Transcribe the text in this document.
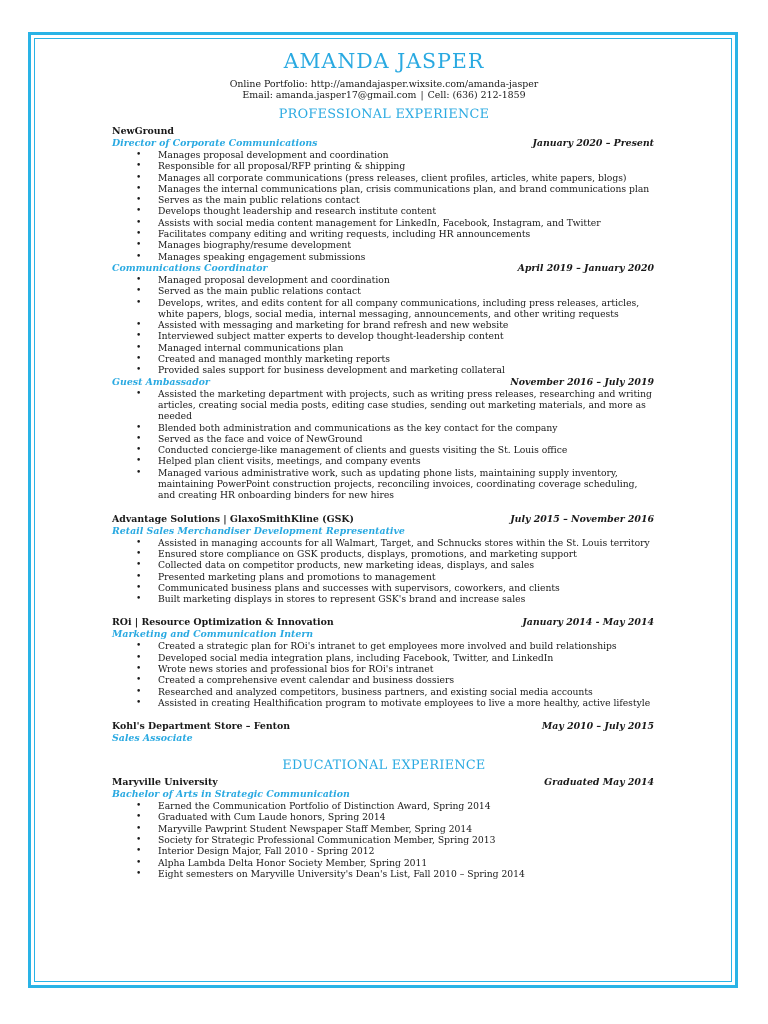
AMANDA JASPER
Online Portfolio: http://amandajasper.wixsite.com/amanda-jasper
Email: amanda.jasper17@gmail.com | Cell: (636) 212-1859
PROFESSIONAL EXPERIENCE
NewGround
Director of Corporate Communications	January 2020 – Present
• Manages proposal development and coordination
• Responsible for all proposal/RFP printing & shipping
• Manages all corporate communications (press releases, client profiles, articles, white papers, blogs)
• Manages the internal communications plan, crisis communications plan, and brand communications plan
• Serves as the main public relations contact
• Develops thought leadership and research institute content
• Assists with social media content management for LinkedIn, Facebook, Instagram, and Twitter
• Facilitates company editing and writing requests, including HR announcements
• Manages biography/resume development
• Manages speaking engagement submissions
Communications Coordinator	April 2019 – January 2020
• Managed proposal development and coordination
• Served as the main public relations contact
• Develops, writes, and edits content for all company communications, including press releases, articles, white papers, blogs, social media, internal messaging, announcements, and other writing requests
• Assisted with messaging and marketing for brand refresh and new website
• Interviewed subject matter experts to develop thought-leadership content
• Managed internal communications plan
• Created and managed monthly marketing reports
• Provided sales support for business development and marketing collateral
Guest Ambassador	November 2016 – July 2019
• Assisted the marketing department with projects, such as writing press releases, researching and writing articles, creating social media posts, editing case studies, sending out marketing materials, and more as needed
• Blended both administration and communications as the key contact for the company
• Served as the face and voice of NewGround
• Conducted concierge-like management of clients and guests visiting the St. Louis office
• Helped plan client visits, meetings, and company events
• Managed various administrative work, such as updating phone lists, maintaining supply inventory, maintaining PowerPoint construction projects, reconciling invoices, coordinating coverage scheduling, and creating HR onboarding binders for new hires
Advantage Solutions | GlaxoSmithKline (GSK)	July 2015 – November 2016
Retail Sales Merchandiser Development Representative
• Assisted in managing accounts for all Walmart, Target, and Schnucks stores within the St. Louis territory
• Ensured store compliance on GSK products, displays, promotions, and marketing support
• Collected data on competitor products, new marketing ideas, displays, and sales
• Presented marketing plans and promotions to management
• Communicated business plans and successes with supervisors, coworkers, and clients
• Built marketing displays in stores to represent GSK's brand and increase sales
ROi | Resource Optimization & Innovation	January 2014 - May 2014
Marketing and Communication Intern
• Created a strategic plan for ROi's intranet to get employees more involved and build relationships
• Developed social media integration plans, including Facebook, Twitter, and LinkedIn
• Wrote news stories and professional bios for ROi's intranet
• Created a comprehensive event calendar and business dossiers
• Researched and analyzed competitors, business partners, and existing social media accounts
• Assisted in creating Healthification program to motivate employees to live a more healthy, active lifestyle
Kohl's Department Store – Fenton	May 2010 – July 2015
Sales Associate
EDUCATIONAL EXPERIENCE
Maryville University	Graduated May 2014
Bachelor of Arts in Strategic Communication
• Earned the Communication Portfolio of Distinction Award, Spring 2014
• Graduated with Cum Laude honors, Spring 2014
• Maryville Pawprint Student Newspaper Staff Member, Spring 2014
• Society for Strategic Professional Communication Member, Spring 2013
• Interior Design Major, Fall 2010 - Spring 2012
• Alpha Lambda Delta Honor Society Member, Spring 2011
• Eight semesters on Maryville University's Dean's List, Fall 2010 – Spring 2014
